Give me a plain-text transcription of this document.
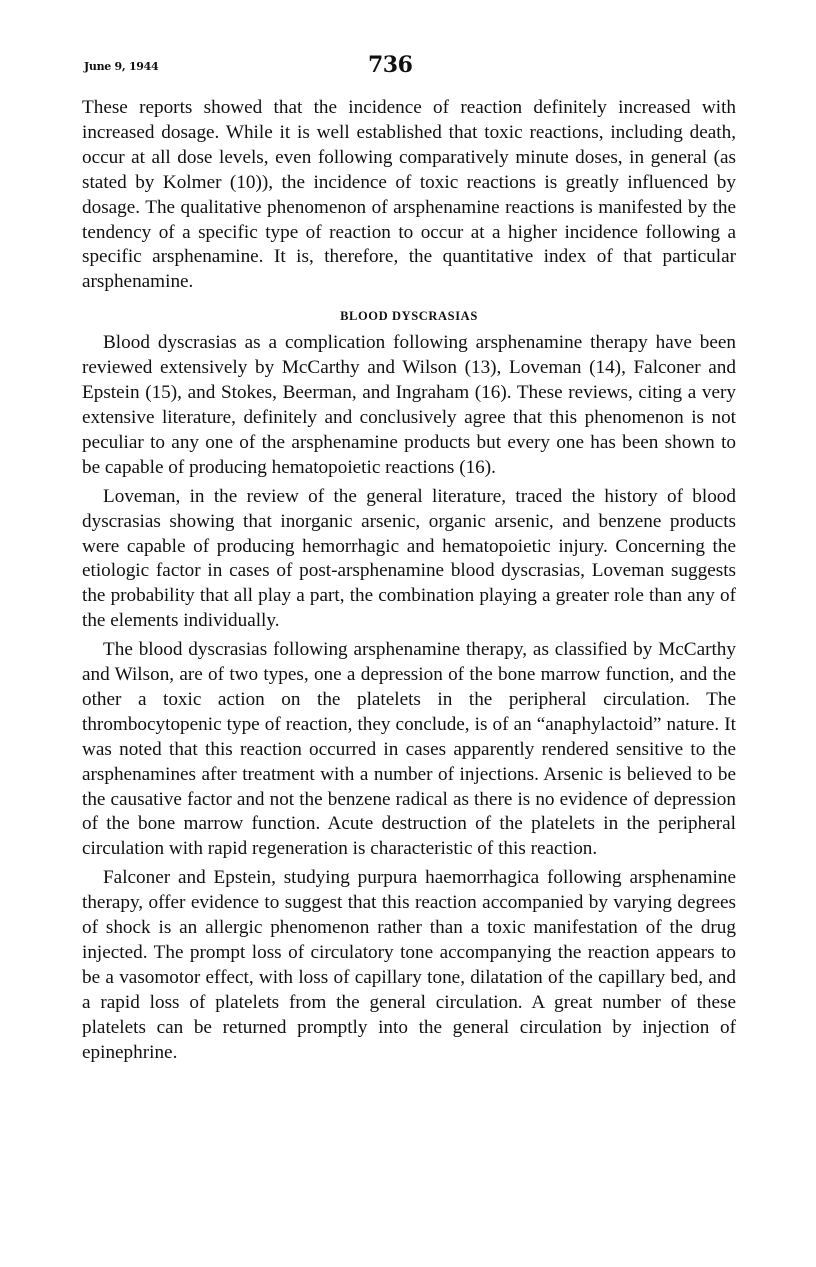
June 9, 1944	736

These reports showed that the incidence of reaction definitely increased with increased dosage. While it is well established that toxic reactions, including death, occur at all dose levels, even following comparatively minute doses, in general (as stated by Kolmer (10)), the incidence of toxic reactions is greatly influenced by dosage. The qualitative phenomenon of arsphenamine reactions is manifested by the tendency of a specific type of reaction to occur at a higher incidence following a specific arsphenamine. It is, therefore, the quantitative index of that particular arsphenamine.

BLOOD DYSCRASIAS

Blood dyscrasias as a complication following arsphenamine therapy have been reviewed extensively by McCarthy and Wilson (13), Loveman (14), Falconer and Epstein (15), and Stokes, Beerman, and Ingraham (16). These reviews, citing a very extensive literature, definitely and conclusively agree that this phenomenon is not peculiar to any one of the arsphenamine products but every one has been shown to be capable of producing hematopoietic reactions (16).

Loveman, in the review of the general literature, traced the history of blood dyscrasias showing that inorganic arsenic, organic arsenic, and benzene products were capable of producing hemorrhagic and hematopoietic injury. Concerning the etiologic factor in cases of post-arsphenamine blood dyscrasias, Loveman suggests the probability that all play a part, the combination playing a greater role than any of the elements individually.

The blood dyscrasias following arsphenamine therapy, as classified by McCarthy and Wilson, are of two types, one a depression of the bone marrow function, and the other a toxic action on the platelets in the peripheral circulation. The thrombocytopenic type of reaction, they conclude, is of an “anaphylactoid” nature. It was noted that this reaction occurred in cases apparently rendered sensitive to the arsphenamines after treatment with a number of injections. Arsenic is believed to be the causative factor and not the benzene radical as there is no evidence of depression of the bone marrow function. Acute destruction of the platelets in the peripheral circulation with rapid regeneration is characteristic of this reaction.

Falconer and Epstein, studying purpura haemorrhagica following arsphenamine therapy, offer evidence to suggest that this reaction accompanied by varying degrees of shock is an allergic phenomenon rather than a toxic manifestation of the drug injected. The prompt loss of circulatory tone accompanying the reaction appears to be a vasomotor effect, with loss of capillary tone, dilatation of the capillary bed, and a rapid loss of platelets from the general circulation. A great number of these platelets can be returned promptly into the general circulation by injection of epinephrine.
